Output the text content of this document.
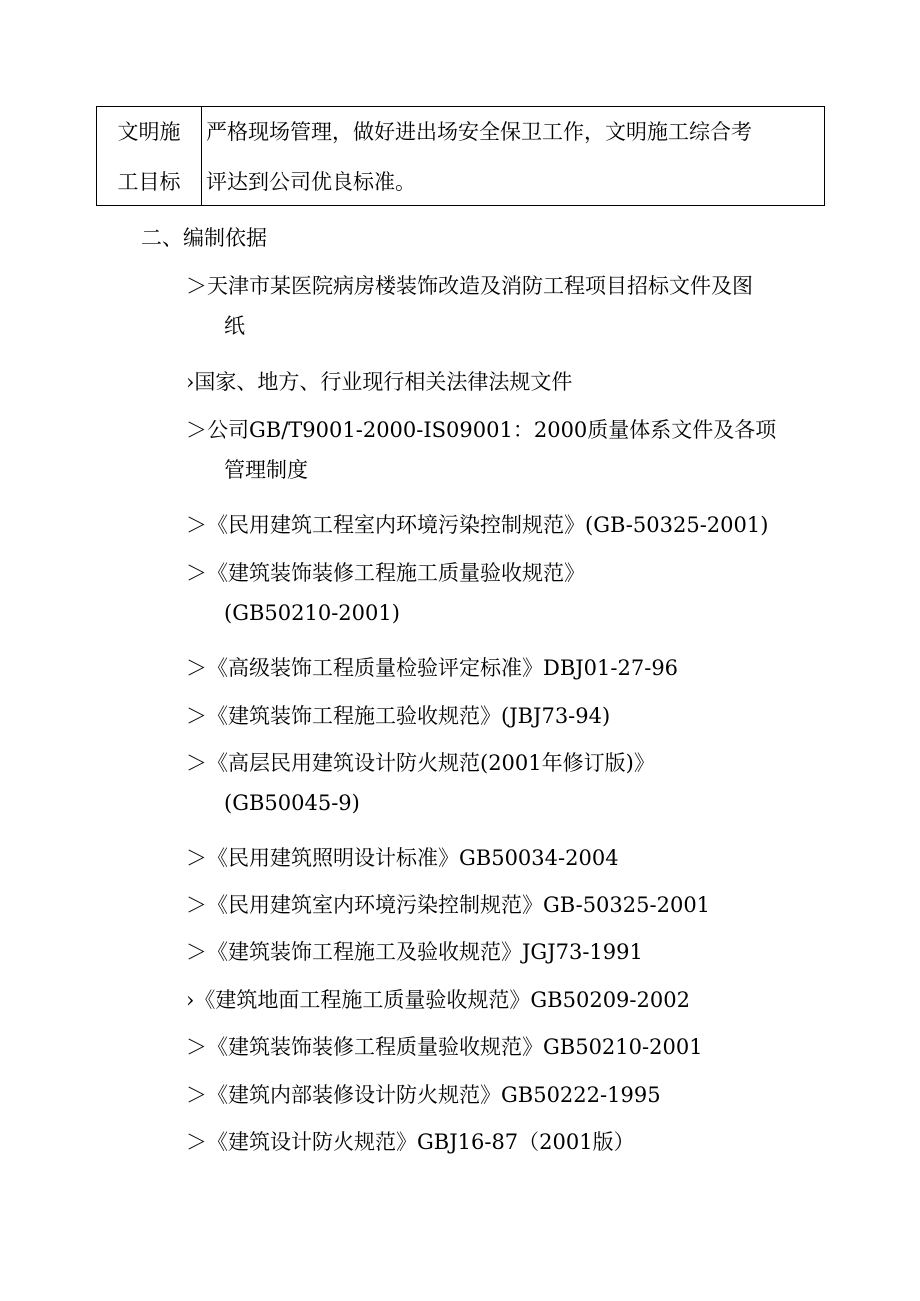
文明施
工目标
严格现场管理，做好进出场安全保卫工作，文明施工综合考
评达到公司优良标准。
二、编制依据
＞天津市某医院病房楼装饰改造及消防工程项目招标文件及图
纸
›国家、地方、行业现行相关法律法规文件
＞公司GB/T9001-2000-IS09001：2000质量体系文件及各项
管理制度
＞《民用建筑工程室内环境污染控制规范》(GB-50325-2001)
＞《建筑装饰装修工程施工质量验收规范》
(GB50210-2001)
＞《高级装饰工程质量检验评定标准》DBJ01-27-96
＞《建筑装饰工程施工验收规范》(JBJ73-94)
＞《高层民用建筑设计防火规范(2001年修订版)》
(GB50045-9)
＞《民用建筑照明设计标准》GB50034-2004
＞《民用建筑室内环境污染控制规范》GB-50325-2001
＞《建筑装饰工程施工及验收规范》JGJ73-1991
›《建筑地面工程施工质量验收规范》GB50209-2002
＞《建筑装饰装修工程质量验收规范》GB50210-2001
＞《建筑内部装修设计防火规范》GB50222-1995
＞《建筑设计防火规范》GBJ16-87（2001版）
